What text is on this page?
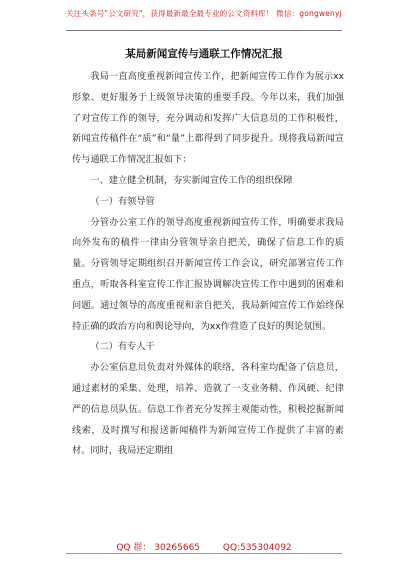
关注头条号"公文研究"，获得最新最全最专业的公文资料库！ 微信：gongwenyj
某局新闻宣传与通联工作情况汇报

我局一直高度重视新闻宣传工作，把新闻宣传工作作为展示xx形象、更好服务于上级领导决策的重要手段。今年以来，我们加强了对宣传工作的领导，充分调动和发挥广大信息员的工作积极性，新闻宣传稿件在“质”和“量”上都得到了同步提升。现将我局新闻宣传与通联工作情况汇报如下：

一、建立健全机制，夯实新闻宣传工作的组织保障

（一）有领导管

分管办公室工作的领导高度重视新闻宣传工作，明确要求我局向外发布的稿件一律由分管领导亲自把关，确保了信息工作的质量。分管领导定期组织召开新闻宣传工作会议，研究部署宣传工作重点，听取各科室宣传工作汇报协调解决宣传工作中遇到的困难和问题。通过领导的高度重视和亲自把关，我局新闻宣传工作始终保持正确的政治方向和舆论导向，为xx作营造了良好的舆论氛围。

（二）有专人干

办公室信息员负责对外媒体的联络，各科室均配备了信息员，通过素材的采集、处理，培养、造就了一支业务精、作风硬、纪律严的信息员队伍。信息工作者充分发挥主观能动性，积极挖掘新闻线索，及时撰写和报送新闻稿件为新闻宣传工作提供了丰富的素材。同时，我局还定期组

QQ 群： 30265665	QQ:535304092
